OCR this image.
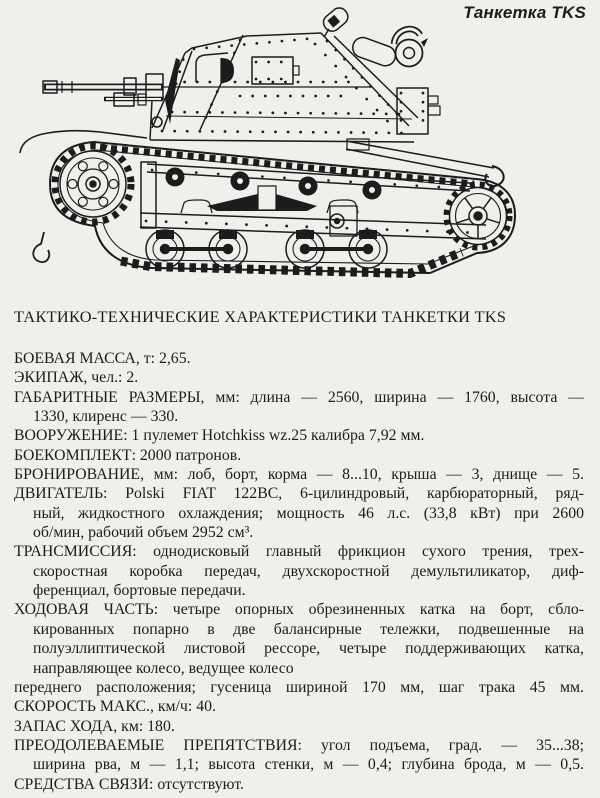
Танкетка TKS
ТАКТИКО-ТЕХНИЧЕСКИЕ ХАРАКТЕРИСТИКИ ТАНКЕТКИ TKS
БОЕВАЯ МАССА, т: 2,65.
ЭКИПАЖ, чел.: 2.
ГАБАРИТНЫЕ РАЗМЕРЫ, мм: длина — 2560, ширина — 1760, высота —
1330, клиренс — 330.
ВООРУЖЕНИЕ: 1 пулемет Hotchkiss wz.25 калибра 7,92 мм.
БОЕКОМПЛЕКТ: 2000 патронов.
БРОНИРОВАНИЕ, мм: лоб, борт, корма — 8...10, крыша — 3, днище — 5.
ДВИГАТЕЛЬ: Polski FIAT 122BC, 6-цилиндровый, карбюраторный, ряд-
ный, жидкостного охлаждения; мощность 46 л.с. (33,8 кВт) при 2600
об/мин, рабочий объем 2952 см³.
ТРАНСМИССИЯ: однодисковый главный фрикцион сухого трения, трех-
скоростная коробка передач, двухскоростной демультиликатор, диф-
ференциал, бортовые передачи.
ХОДОВАЯ ЧАСТЬ: четыре опорных обрезиненных катка на борт, сбло-
кированных попарно в две балансирные тележки, подвешенные на
полуэллиптической листовой рессоре, четыре поддерживающих катка,
направляющее колесо, ведущее колесо
переднего расположения; гусеница шириной 170 мм, шаг трака 45 мм.
СКОРОСТЬ МАКС., км/ч: 40.
ЗАПАС ХОДА, км: 180.
ПРЕОДОЛЕВАЕМЫЕ ПРЕПЯТСТВИЯ: угол подъема, град. — 35...38;
ширина рва, м — 1,1; высота стенки, м — 0,4; глубина брода, м — 0,5.
СРЕДСТВА СВЯЗИ: отсутствуют.
